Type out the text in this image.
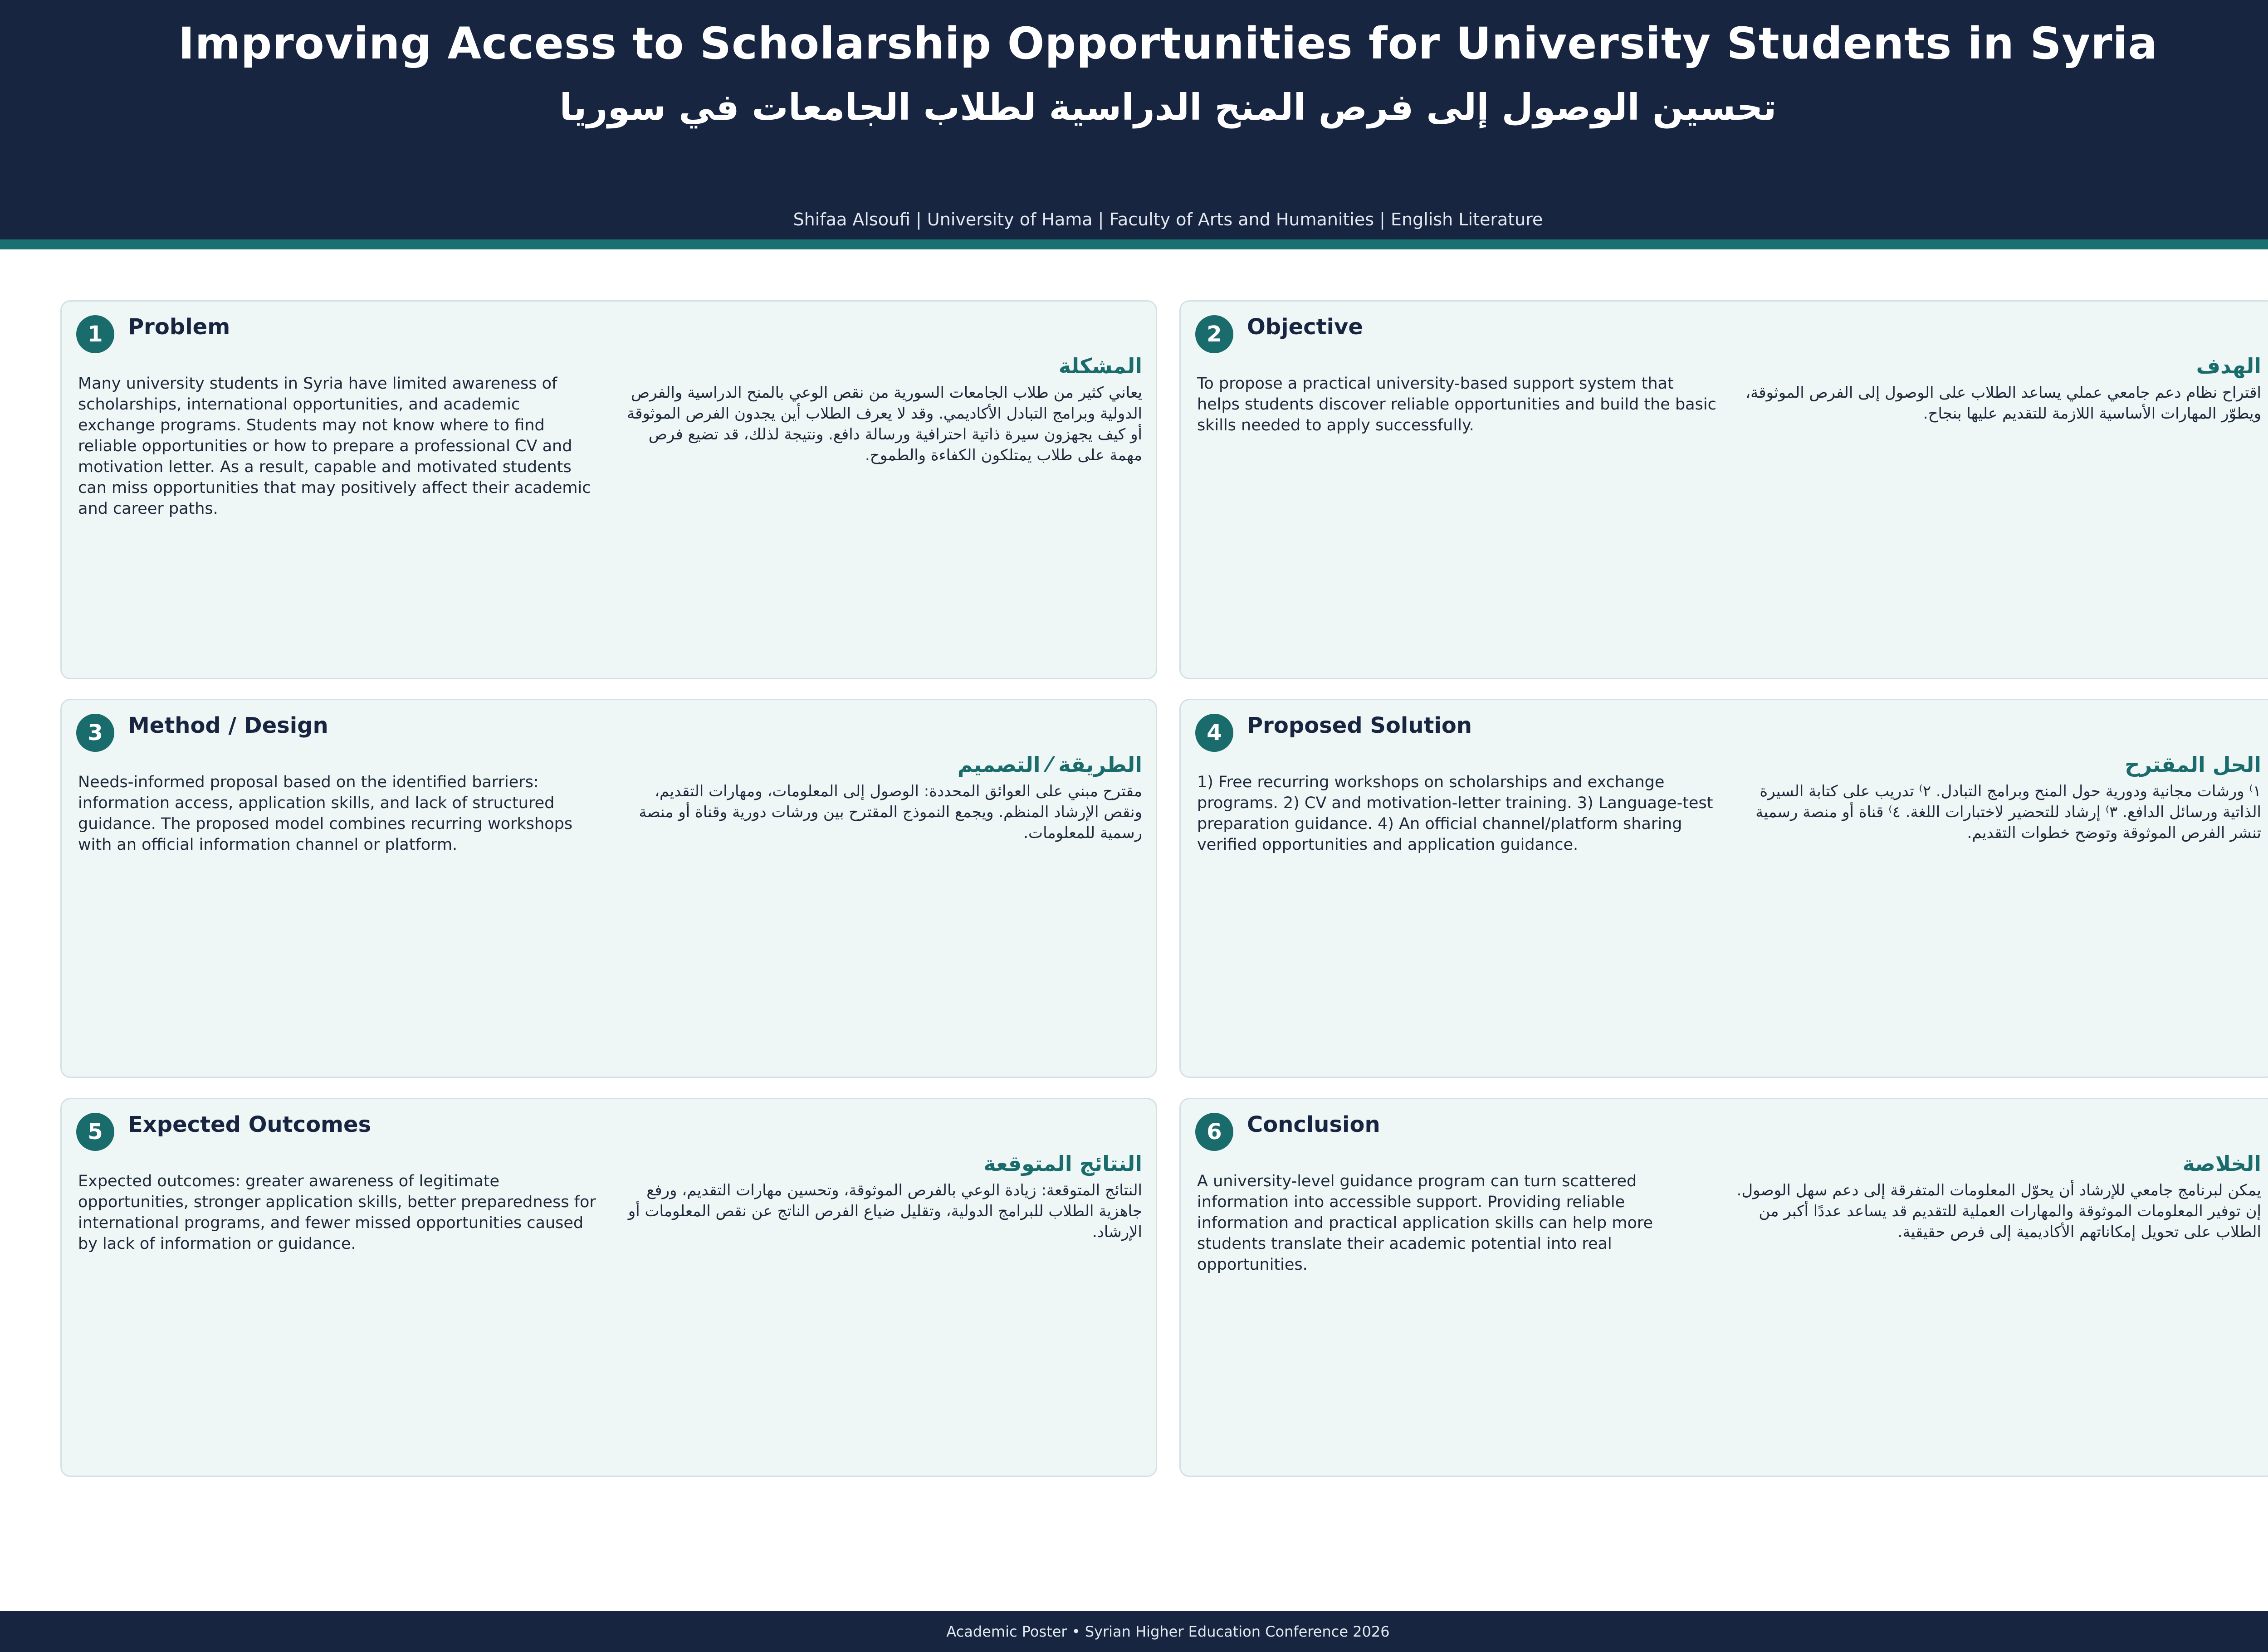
Improving Access to Scholarship Opportunities for University Students in Syria
تحسين الوصول إلى فرص المنح الدراسية لطلاب الجامعات في سوريا
Shifaa Alsoufi | University of Hama | Faculty of Arts and Humanities | English Literature
1	Problem
Many university students in Syria have limited awareness of scholarships, international opportunities, and academic exchange programs. Students may not know where to find reliable opportunities or how to prepare a professional CV and motivation letter. As a result, capable and motivated students can miss opportunities that may positively affect their academic and career paths.
المشكلة
يعاني كثير من طلاب الجامعات السورية من نقص الوعي بالمنح الدراسية والفرص الدولية وبرامج التبادل الأكاديمي. وقد لا يعرف الطلاب أين يجدون الفرص الموثوقة أو كيف يجهزون سيرة ذاتية احترافية ورسالة دافع. ونتيجة لذلك، قد تضيع فرص مهمة على طلاب يمتلكون الكفاءة والطموح.
2	Objective
To propose a practical university-based support system that helps students discover reliable opportunities and build the basic skills needed to apply successfully.
الهدف
اقتراح نظام دعم جامعي عملي يساعد الطلاب على الوصول إلى الفرص الموثوقة، ويطوّر المهارات الأساسية اللازمة للتقديم عليها بنجاح.
3	Method / Design
Needs-informed proposal based on the identified barriers: information access, application skills, and lack of structured guidance. The proposed model combines recurring workshops with an official information channel or platform.
الطريقة ⁄ التصميم
مقترح مبني على العوائق المحددة: الوصول إلى المعلومات، ومهارات التقديم، ونقص الإرشاد المنظم. ويجمع النموذج المقترح بين ورشات دورية وقناة أو منصة رسمية للمعلومات.
4	Proposed Solution
1) Free recurring workshops on scholarships and exchange programs. 2) CV and motivation-letter training. 3) Language-test preparation guidance. 4) An official channel/platform sharing verified opportunities and application guidance.
الحل المقترح
١⁾ ورشات مجانية ودورية حول المنح وبرامج التبادل. ٢⁾ تدريب على كتابة السيرة الذاتية ورسائل الدافع. ٣⁾ إرشاد للتحضير لاختبارات اللغة. ٤⁾ قناة أو منصة رسمية تنشر الفرص الموثوقة وتوضح خطوات التقديم.
5	Expected Outcomes
Expected outcomes: greater awareness of legitimate opportunities, stronger application skills, better preparedness for international programs, and fewer missed opportunities caused by lack of information or guidance.
النتائج المتوقعة
النتائج المتوقعة: زيادة الوعي بالفرص الموثوقة، وتحسين مهارات التقديم، ورفع جاهزية الطلاب للبرامج الدولية، وتقليل ضياع الفرص الناتج عن نقص المعلومات أو الإرشاد.
6	Conclusion
A university-level guidance program can turn scattered information into accessible support. Providing reliable information and practical application skills can help more students translate their academic potential into real opportunities.
الخلاصة
يمكن لبرنامج جامعي للإرشاد أن يحوّل المعلومات المتفرقة إلى دعم سهل الوصول. إن توفير المعلومات الموثوقة والمهارات العملية للتقديم قد يساعد عددًا أكبر من الطلاب على تحويل إمكاناتهم الأكاديمية إلى فرص حقيقية.
Academic Poster • Syrian Higher Education Conference 2026
